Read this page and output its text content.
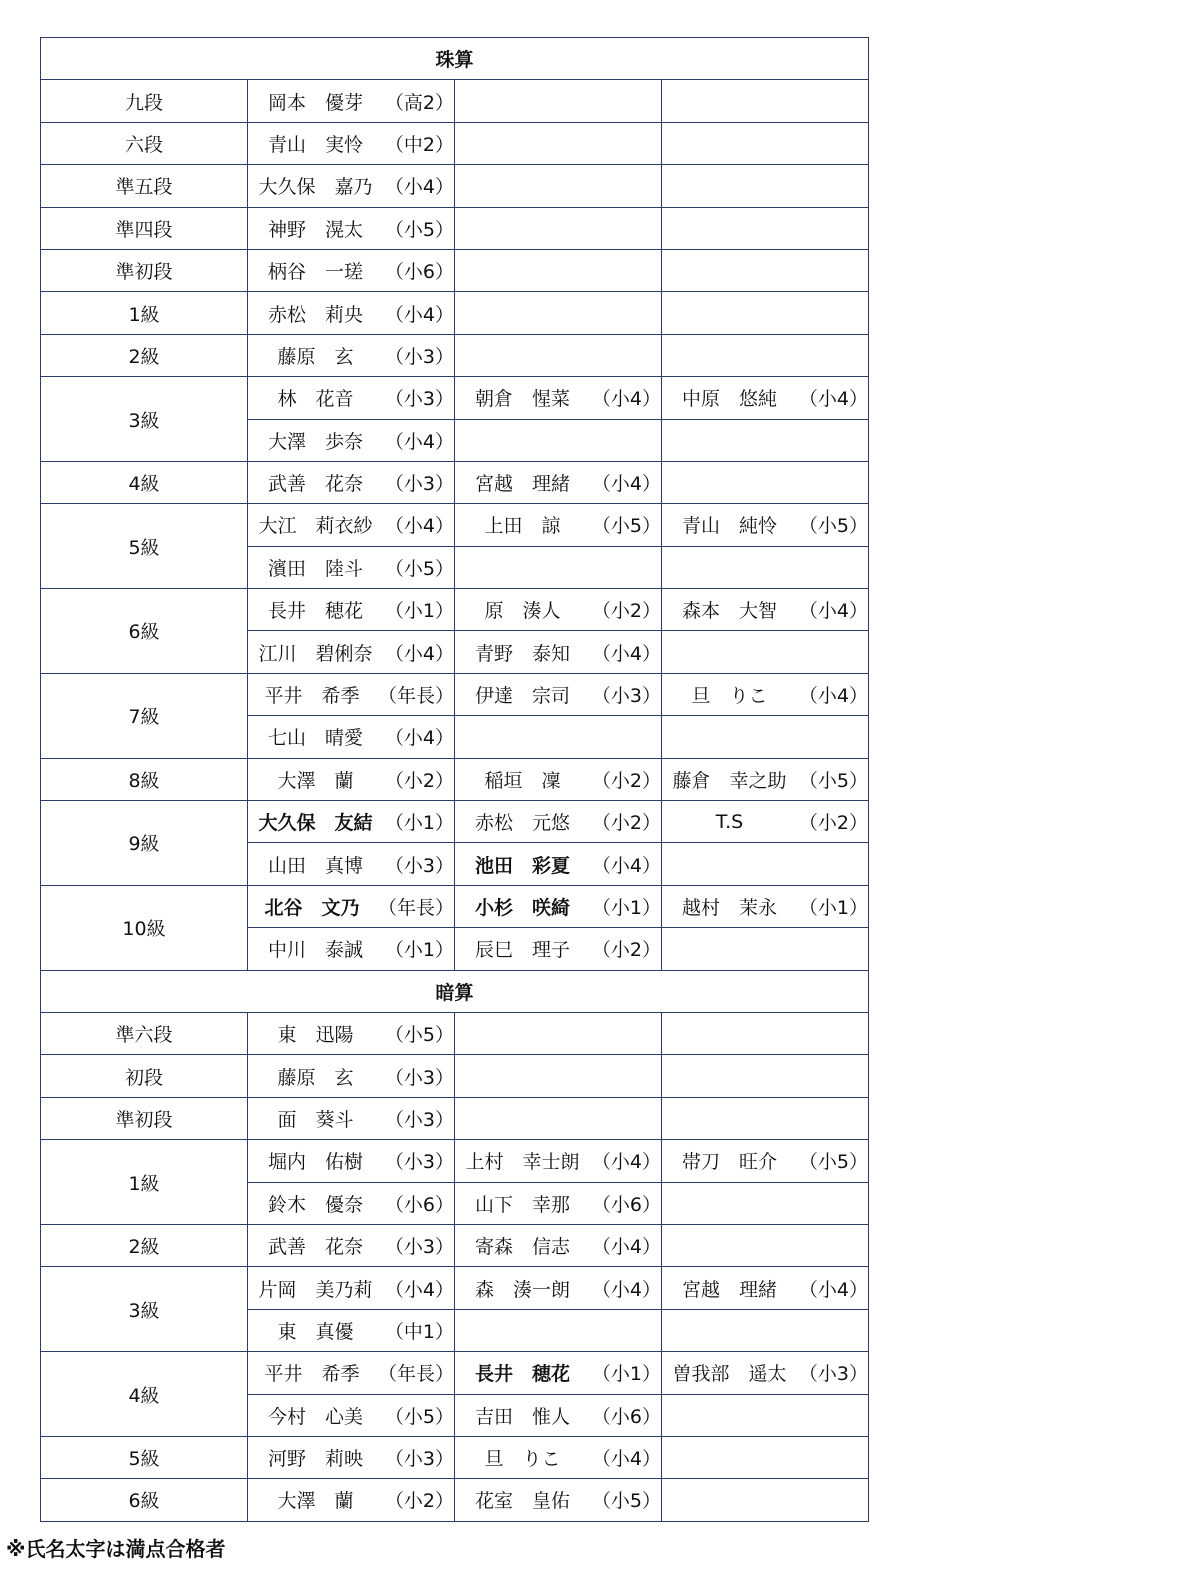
珠算			
九段	岡本　優芽 （高2）		

六段	青山　実怜 （中2）		

準五段	大久保　嘉乃 （小4）		

準四段	神野　滉太 （小5）		

準初段	柄谷　一瑳 （小6）		

1級	赤松　莉央 （小4）		

2級	藤原　玄 （小3）		

3級	林　花音 （小3）	朝倉　惺菜 （小4）	中原　悠純 （小4）

	大澤　歩奈 （小4）		

4級	武善　花奈 （小3）	宮越　理緒 （小4）	

5級	大江　莉衣紗 （小4）	上田　諒 （小5）	青山　純怜 （小5）

	濱田　陸斗 （小5）		

6級	長井　穂花 （小1）	原　湊人 （小2）	森本　大智 （小4）

	江川　碧俐奈 （小4）	青野　泰知 （小4）	

7級	平井　希季 （年長）	伊達　宗司 （小3）	旦　りこ （小4）

	七山　晴愛 （小4）		

8級	大澤　蘭 （小2）	稲垣　凜 （小2）	藤倉　幸之助 （小5）

9級	大久保　友結 （小1）	赤松　元悠 （小2）	T.S （小2）

	山田　真博 （小3）	池田　彩夏 （小4）	

10級	北谷　文乃 （年長）	小杉　咲綺 （小1）	越村　茉永 （小1）

	中川　泰誠 （小1）	辰巳　理子 （小2）	

暗算			
準六段	東　迅陽 （小5）		

初段	藤原　玄 （小3）		

準初段	面　葵斗 （小3）		

1級	堀内　佑樹 （小3）	上村　幸士朗 （小4）	帯刀　旺介 （小5）

	鈴木　優奈 （小6）	山下　幸那 （小6）	

2級	武善　花奈 （小3）	寄森　信志 （小4）	

3級	片岡　美乃莉 （小4）	森　湊一朗 （小4）	宮越　理緒 （小4）

	東　真優 （中1）		

4級	平井　希季 （年長）	長井　穂花 （小1）	曽我部　遥太 （小3）

	今村　心美 （小5）	吉田　惟人 （小6）	

5級	河野　莉映 （小3）	旦　りこ （小4）	

6級	大澤　蘭 （小2）	花室　皇佑 （小5）	

※氏名太字は満点合格者
